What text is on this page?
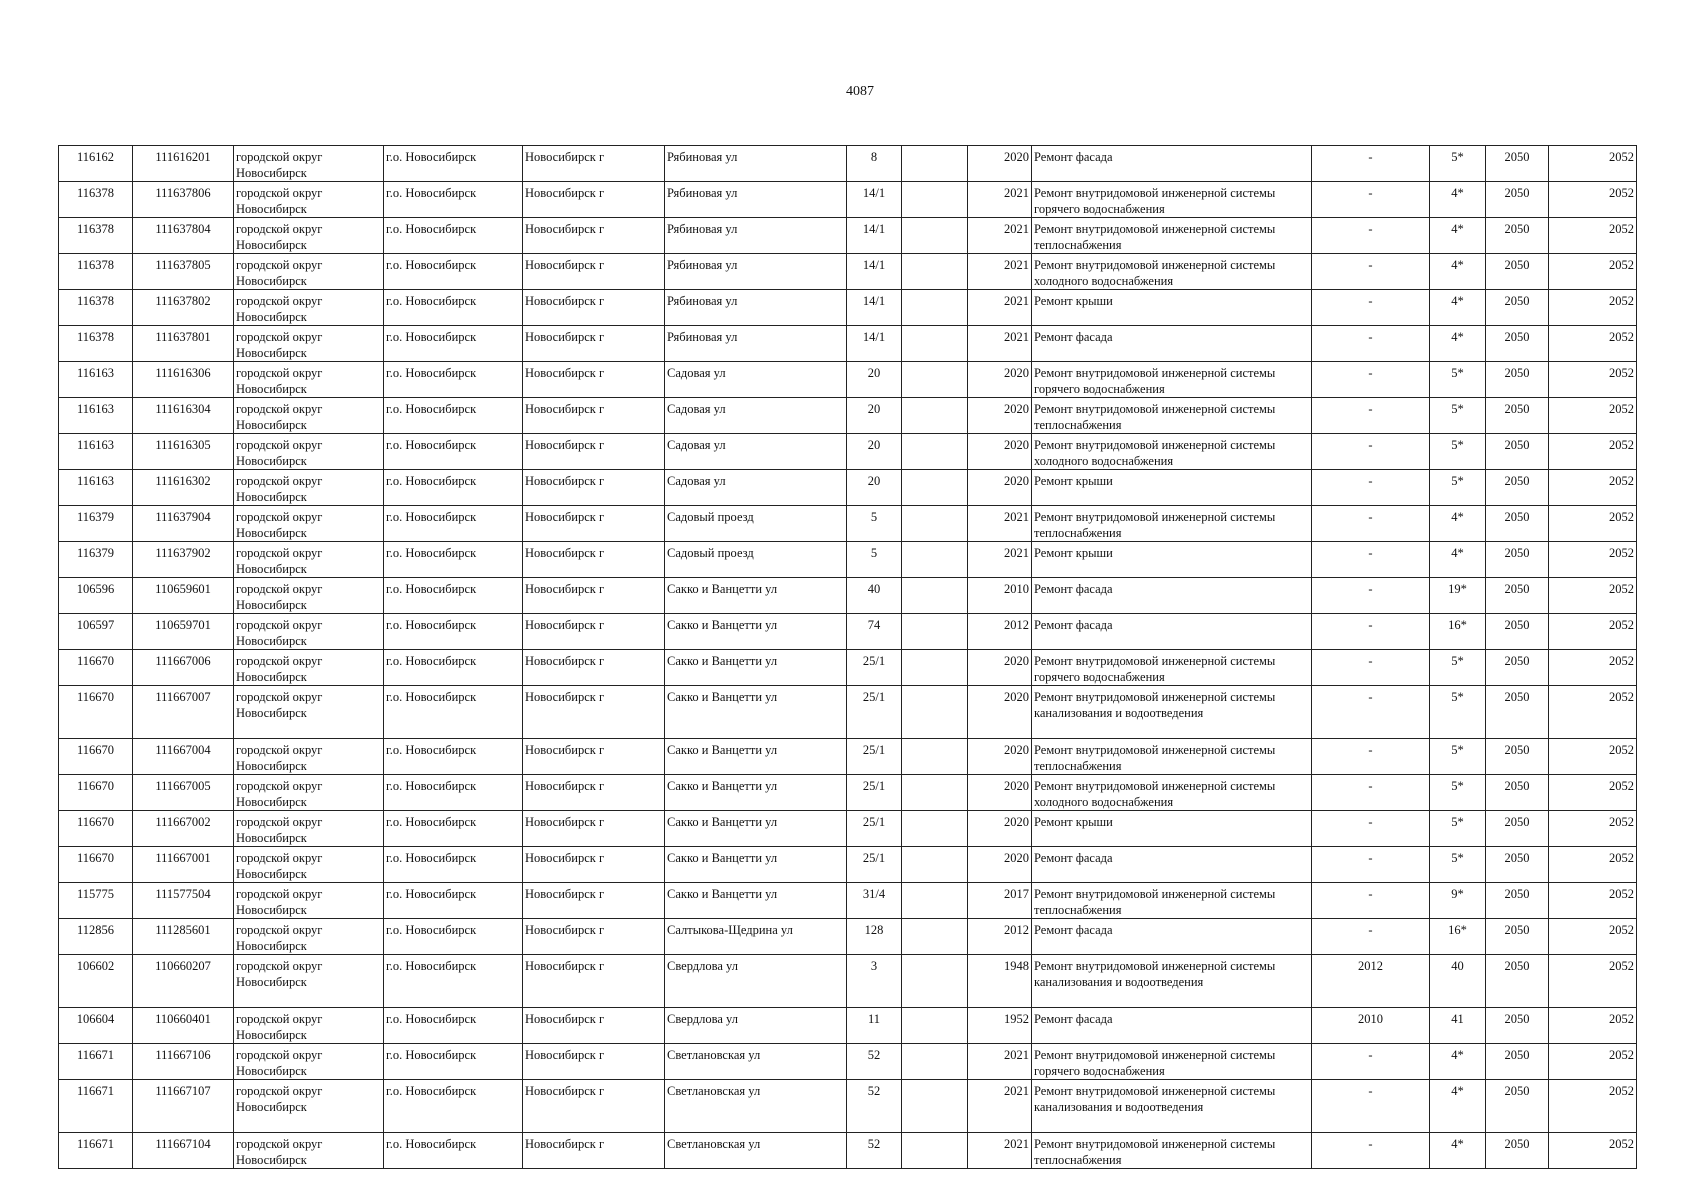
4087
116162	111616201	городской округ Новосибирск	г.о. Новосибирск	Новосибирск г	Рябиновая ул	8		2020	Ремонт фасада	-	5*	2050	2052
116378	111637806	городской округ Новосибирск	г.о. Новосибирск	Новосибирск г	Рябиновая ул	14/1		2021	Ремонт внутридомовой инженерной системы горячего водоснабжения	-	4*	2050	2052
116378	111637804	городской округ Новосибирск	г.о. Новосибирск	Новосибирск г	Рябиновая ул	14/1		2021	Ремонт внутридомовой инженерной системы теплоснабжения	-	4*	2050	2052
116378	111637805	городской округ Новосибирск	г.о. Новосибирск	Новосибирск г	Рябиновая ул	14/1		2021	Ремонт внутридомовой инженерной системы холодного водоснабжения	-	4*	2050	2052
116378	111637802	городской округ Новосибирск	г.о. Новосибирск	Новосибирск г	Рябиновая ул	14/1		2021	Ремонт крыши	-	4*	2050	2052
116378	111637801	городской округ Новосибирск	г.о. Новосибирск	Новосибирск г	Рябиновая ул	14/1		2021	Ремонт фасада	-	4*	2050	2052
116163	111616306	городской округ Новосибирск	г.о. Новосибирск	Новосибирск г	Садовая ул	20		2020	Ремонт внутридомовой инженерной системы горячего водоснабжения	-	5*	2050	2052
116163	111616304	городской округ Новосибирск	г.о. Новосибирск	Новосибирск г	Садовая ул	20		2020	Ремонт внутридомовой инженерной системы теплоснабжения	-	5*	2050	2052
116163	111616305	городской округ Новосибирск	г.о. Новосибирск	Новосибирск г	Садовая ул	20		2020	Ремонт внутридомовой инженерной системы холодного водоснабжения	-	5*	2050	2052
116163	111616302	городской округ Новосибирск	г.о. Новосибирск	Новосибирск г	Садовая ул	20		2020	Ремонт крыши	-	5*	2050	2052
116379	111637904	городской округ Новосибирск	г.о. Новосибирск	Новосибирск г	Садовый проезд	5		2021	Ремонт внутридомовой инженерной системы теплоснабжения	-	4*	2050	2052
116379	111637902	городской округ Новосибирск	г.о. Новосибирск	Новосибирск г	Садовый проезд	5		2021	Ремонт крыши	-	4*	2050	2052
106596	110659601	городской округ Новосибирск	г.о. Новосибирск	Новосибирск г	Сакко и Ванцетти ул	40		2010	Ремонт фасада	-	19*	2050	2052
106597	110659701	городской округ Новосибирск	г.о. Новосибирск	Новосибирск г	Сакко и Ванцетти ул	74		2012	Ремонт фасада	-	16*	2050	2052
116670	111667006	городской округ Новосибирск	г.о. Новосибирск	Новосибирск г	Сакко и Ванцетти ул	25/1		2020	Ремонт внутридомовой инженерной системы горячего водоснабжения	-	5*	2050	2052
116670	111667007	городской округ Новосибирск	г.о. Новосибирск	Новосибирск г	Сакко и Ванцетти ул	25/1		2020	Ремонт внутридомовой инженерной системы канализования и водоотведения	-	5*	2050	2052
116670	111667004	городской округ Новосибирск	г.о. Новосибирск	Новосибирск г	Сакко и Ванцетти ул	25/1		2020	Ремонт внутридомовой инженерной системы теплоснабжения	-	5*	2050	2052
116670	111667005	городской округ Новосибирск	г.о. Новосибирск	Новосибирск г	Сакко и Ванцетти ул	25/1		2020	Ремонт внутридомовой инженерной системы холодного водоснабжения	-	5*	2050	2052
116670	111667002	городской округ Новосибирск	г.о. Новосибирск	Новосибирск г	Сакко и Ванцетти ул	25/1		2020	Ремонт крыши	-	5*	2050	2052
116670	111667001	городской округ Новосибирск	г.о. Новосибирск	Новосибирск г	Сакко и Ванцетти ул	25/1		2020	Ремонт фасада	-	5*	2050	2052
115775	111577504	городской округ Новосибирск	г.о. Новосибирск	Новосибирск г	Сакко и Ванцетти ул	31/4		2017	Ремонт внутридомовой инженерной системы теплоснабжения	-	9*	2050	2052
112856	111285601	городской округ Новосибирск	г.о. Новосибирск	Новосибирск г	Салтыкова-Щедрина ул	128		2012	Ремонт фасада	-	16*	2050	2052
106602	110660207	городской округ Новосибирск	г.о. Новосибирск	Новосибирск г	Свердлова ул	3		1948	Ремонт внутридомовой инженерной системы канализования и водоотведения	2012	40	2050	2052
106604	110660401	городской округ Новосибирск	г.о. Новосибирск	Новосибирск г	Свердлова ул	11		1952	Ремонт фасада	2010	41	2050	2052
116671	111667106	городской округ Новосибирск	г.о. Новосибирск	Новосибирск г	Светлановская ул	52		2021	Ремонт внутридомовой инженерной системы горячего водоснабжения	-	4*	2050	2052
116671	111667107	городской округ Новосибирск	г.о. Новосибирск	Новосибирск г	Светлановская ул	52		2021	Ремонт внутридомовой инженерной системы канализования и водоотведения	-	4*	2050	2052
116671	111667104	городской округ Новосибирск	г.о. Новосибирск	Новосибирск г	Светлановская ул	52		2021	Ремонт внутридомовой инженерной системы теплоснабжения	-	4*	2050	2052
